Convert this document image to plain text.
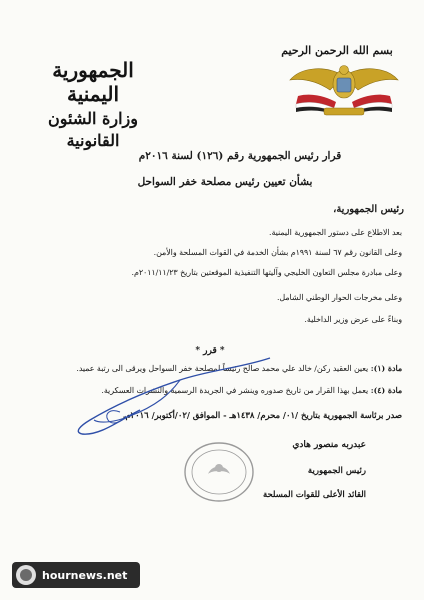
الجمهورية اليمنية
وزارة الشئون القانونية
بسم الله الرحمن الرحيم
قرار رئيس الجمهورية رقم (١٢٦) لسنة ٢٠١٦م
بشأن تعيين رئيس مصلحة خفر السواحل
رئيس الجمهورية،
بعد الاطلاع على دستور الجمهورية اليمنية.
وعلى القانون رقم ٦٧ لسنة ١٩٩١م بشأن الخدمة في القوات المسلحة والأمن.
وعلى مبادرة مجلس التعاون الخليجي وآليتها التنفيذية الموقعتين بتاريخ ٢٠١١/١١/٢٣م.
وعلى مخرجات الحوار الوطني الشامل.
وبناءً على عرض وزير الداخلية.
* قرر *
مادة (١): يعين العقيد ركن/ خالد علي محمد صالح رئيساً لمصلحة خفر السواحل ويرقى الى رتبة عميد.
مادة (٤): يعمل بهذا القرار من تاريخ صدوره وينشر في الجريدة الرسمية والنشرات العسكرية.
صدر برئاسة الجمهورية بتاريخ /٠١/ محرم/ ١٤٣٨هـ - الموافق /٠٢/أكتوبر/ ٢٠١٦م.
عبدربه منصور هادي
رئيس الجمهورية
القائد الأعلى للقوات المسلحة
hournews.net
